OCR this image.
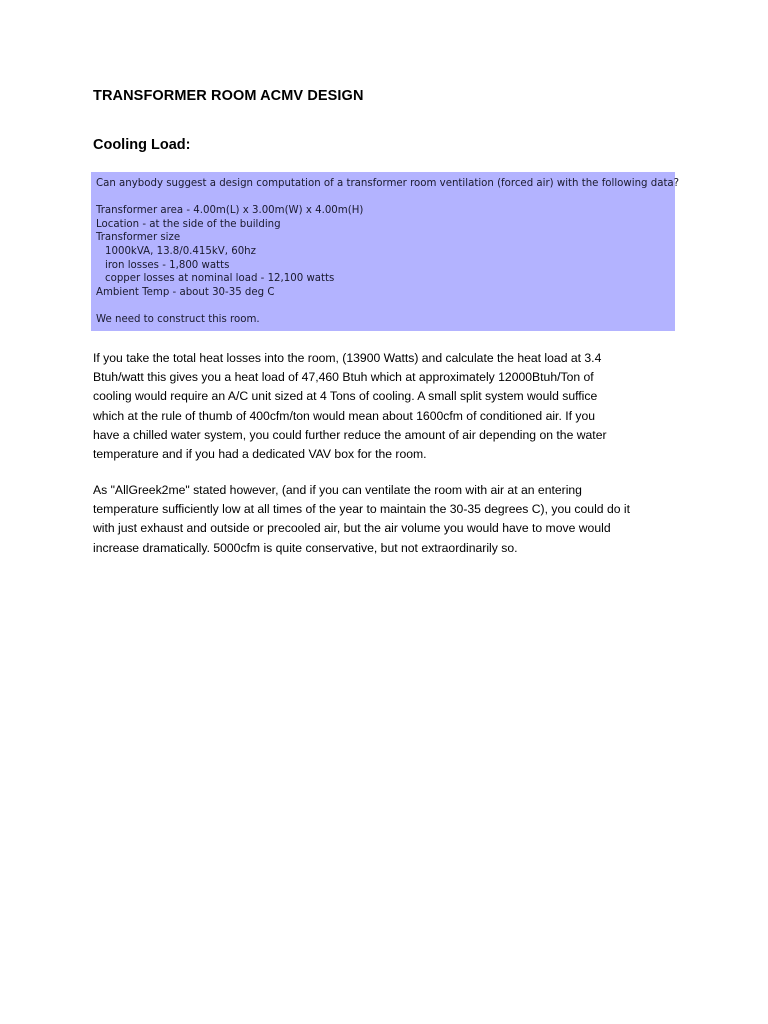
TRANSFORMER ROOM ACMV DESIGN
Cooling Load:
Can anybody suggest a design computation of a transformer room ventilation (forced air) with the following data?
Transformer area - 4.00m(L) x 3.00m(W) x 4.00m(H)
Location - at the side of the building
Transformer size
1000kVA, 13.8/0.415kV, 60hz
iron losses - 1,800 watts
copper losses at nominal load - 12,100 watts
Ambient Temp - about 30-35 deg C
We need to construct this room.

If you take the total heat losses into the room, (13900 Watts) and calculate the heat load at 3.4
Btuh/watt this gives you a heat load of 47,460 Btuh which at approximately 12000Btuh/Ton of
cooling would require an A/C unit sized at 4 Tons of cooling. A small split system would suffice
which at the rule of thumb of 400cfm/ton would mean about 1600cfm of conditioned air. If you
have a chilled water system, you could further reduce the amount of air depending on the water
temperature and if you had a dedicated VAV box for the room.

As "AllGreek2me" stated however, (and if you can ventilate the room with air at an entering
temperature sufficiently low at all times of the year to maintain the 30-35 degrees C), you could do it
with just exhaust and outside or precooled air, but the air volume you would have to move would
increase dramatically. 5000cfm is quite conservative, but not extraordinarily so.
